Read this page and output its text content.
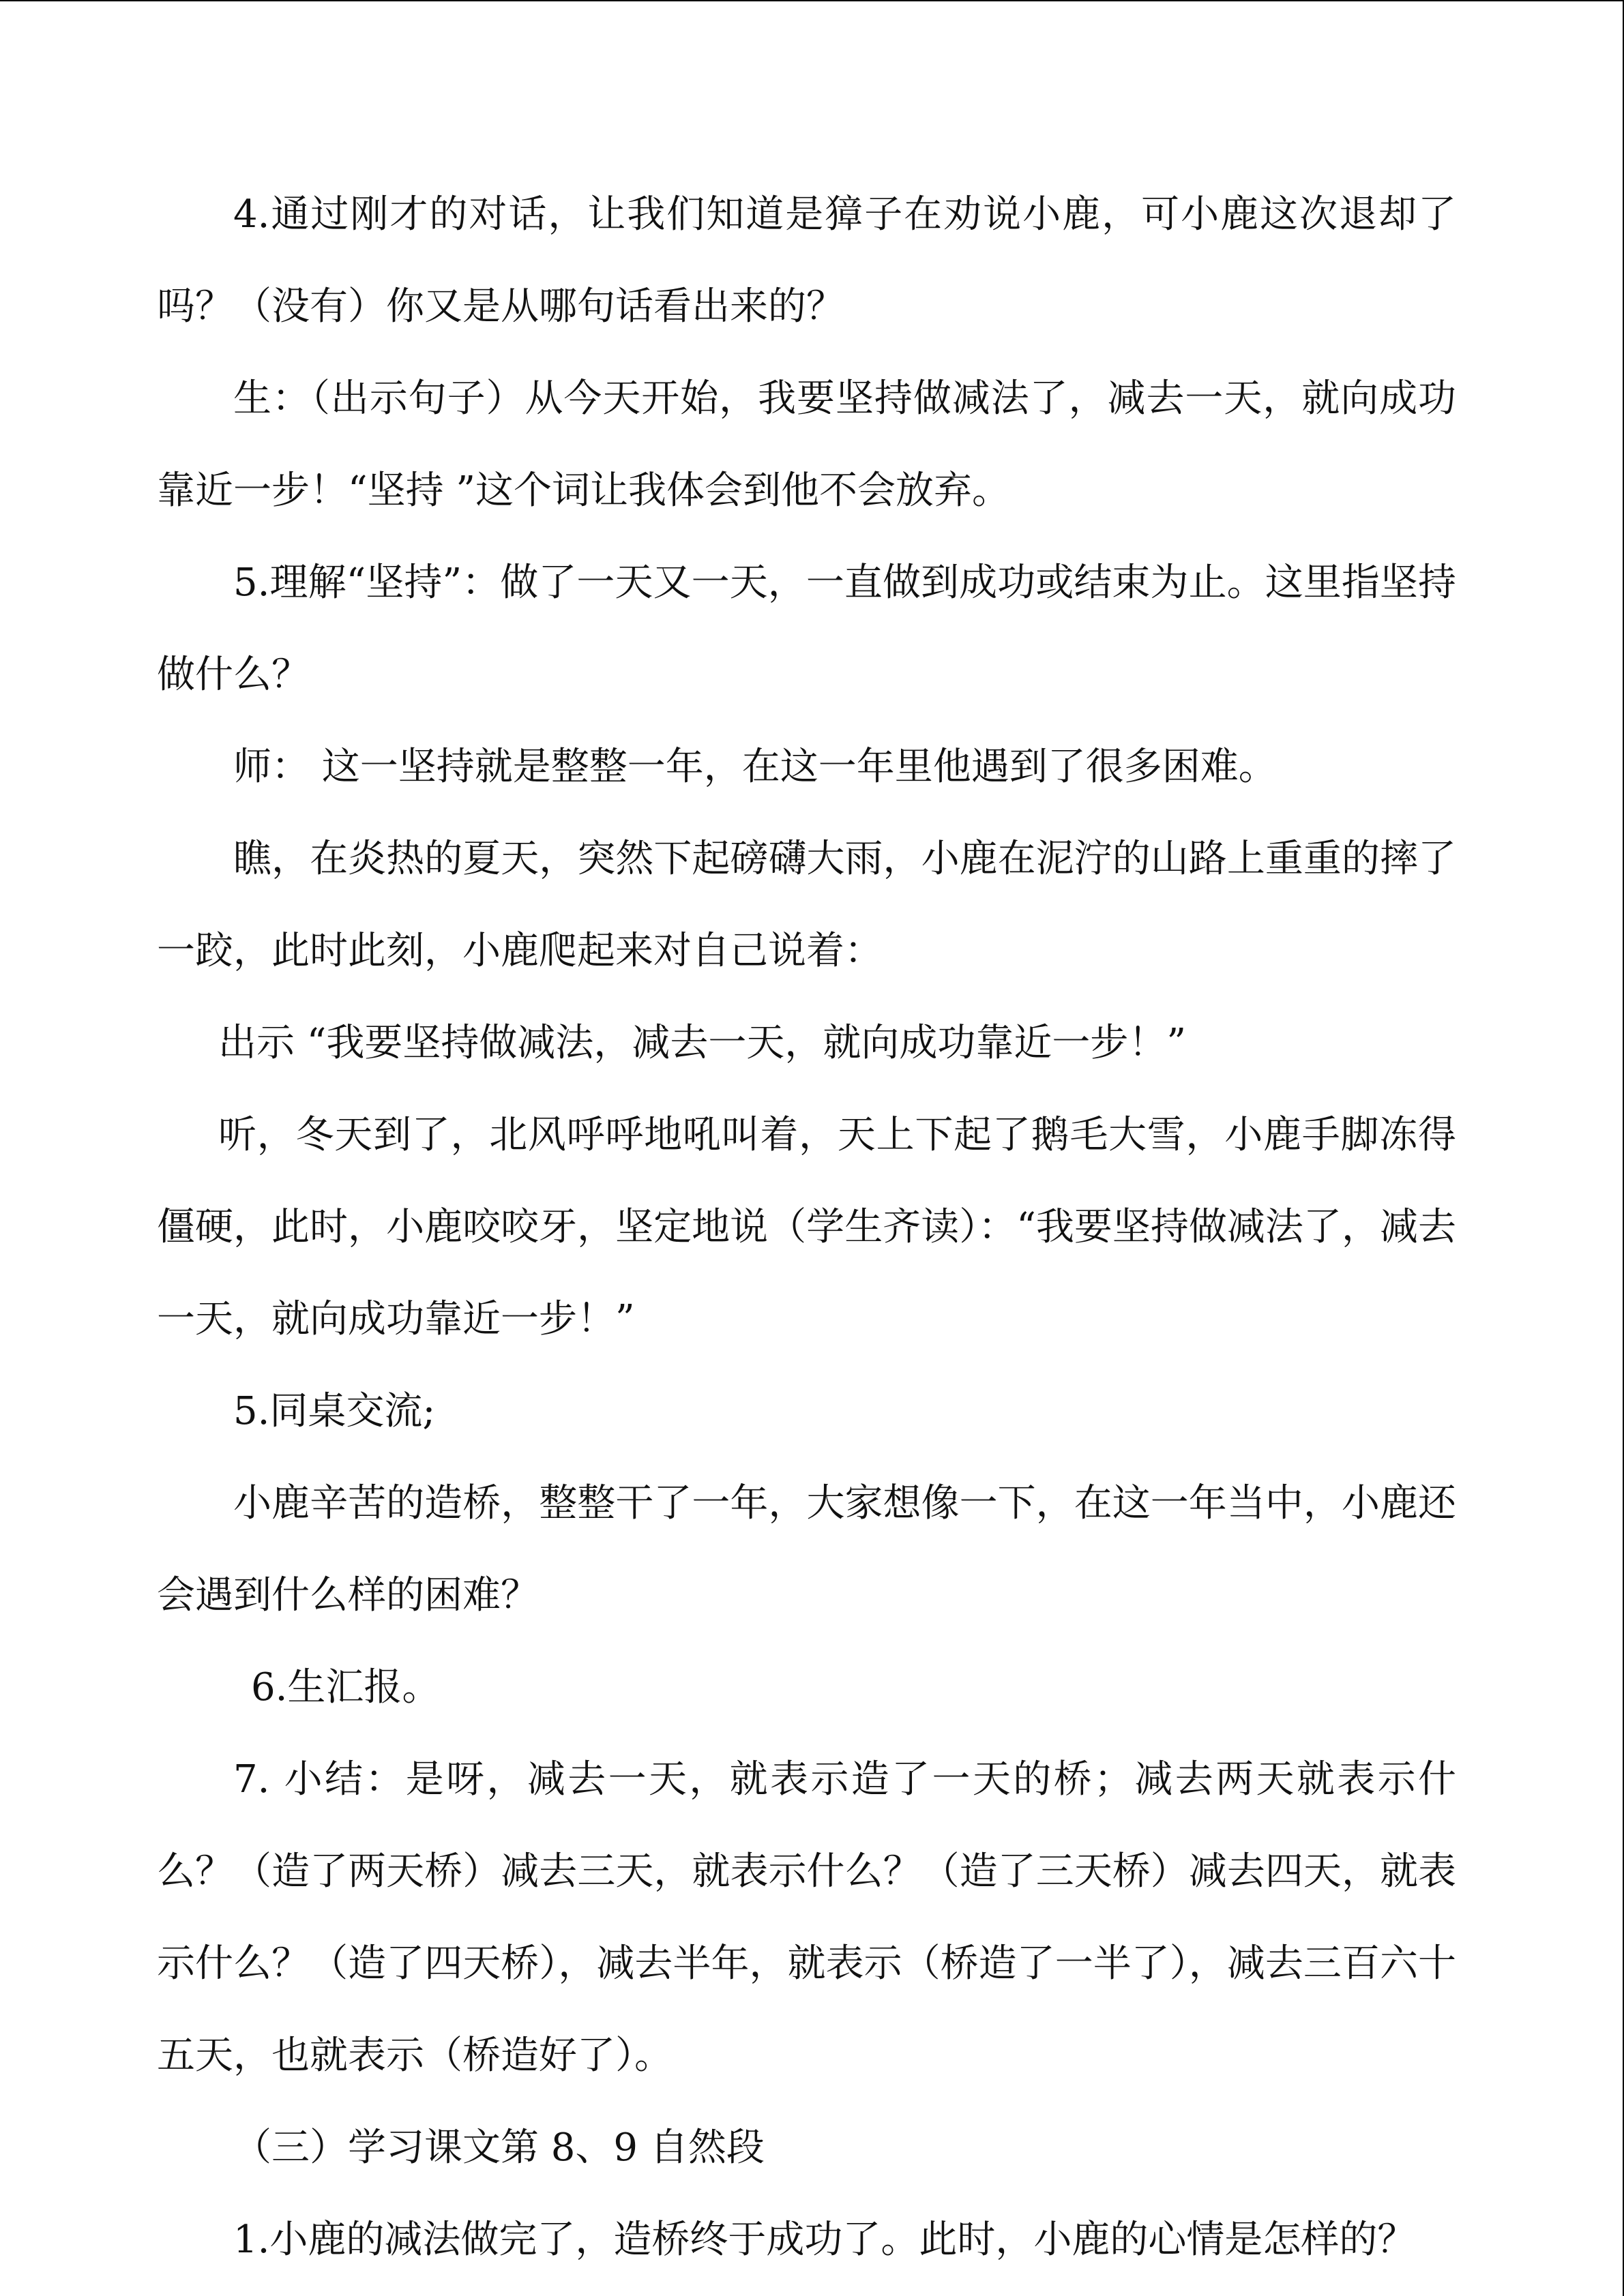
4.通过刚才的对话，让我们知道是獐子在劝说小鹿，可小鹿这次退却了吗？（没有）你又是从哪句话看出来的？

生：（出示句子）从今天开始，我要坚持做减法了，减去一天，就向成功靠近一步！“坚持 ”这个词让我体会到他不会放弃。

5.理解“坚持”：做了一天又一天，一直做到成功或结束为止。这里指坚持做什么？

师： 这一坚持就是整整一年，在这一年里他遇到了很多困难。

瞧，在炎热的夏天，突然下起磅礴大雨，小鹿在泥泞的山路上重重的摔了一跤，此时此刻，小鹿爬起来对自己说着：

出示 “我要坚持做减法，减去一天，就向成功靠近一步！”

听，冬天到了，北风呼呼地吼叫着，天上下起了鹅毛大雪，小鹿手脚冻得僵硬，此时，小鹿咬咬牙，坚定地说（学生齐读）：“我要坚持做减法了，减去一天，就向成功靠近一步！”

5.同桌交流;

小鹿辛苦的造桥，整整干了一年，大家想像一下，在这一年当中，小鹿还会遇到什么样的困难？

6.生汇报。

7. 小结：是呀，减去一天，就表示造了一天的桥；减去两天就表示什么？（造了两天桥）减去三天，就表示什么？（造了三天桥）减去四天，就表示什么？（造了四天桥），减去半年，就表示（桥造了一半了），减去三百六十五天，也就表示（桥造好了）。

（三）学习课文第 8、9 自然段

1.小鹿的减法做完了，造桥终于成功了。此时，小鹿的心情是怎样的？
